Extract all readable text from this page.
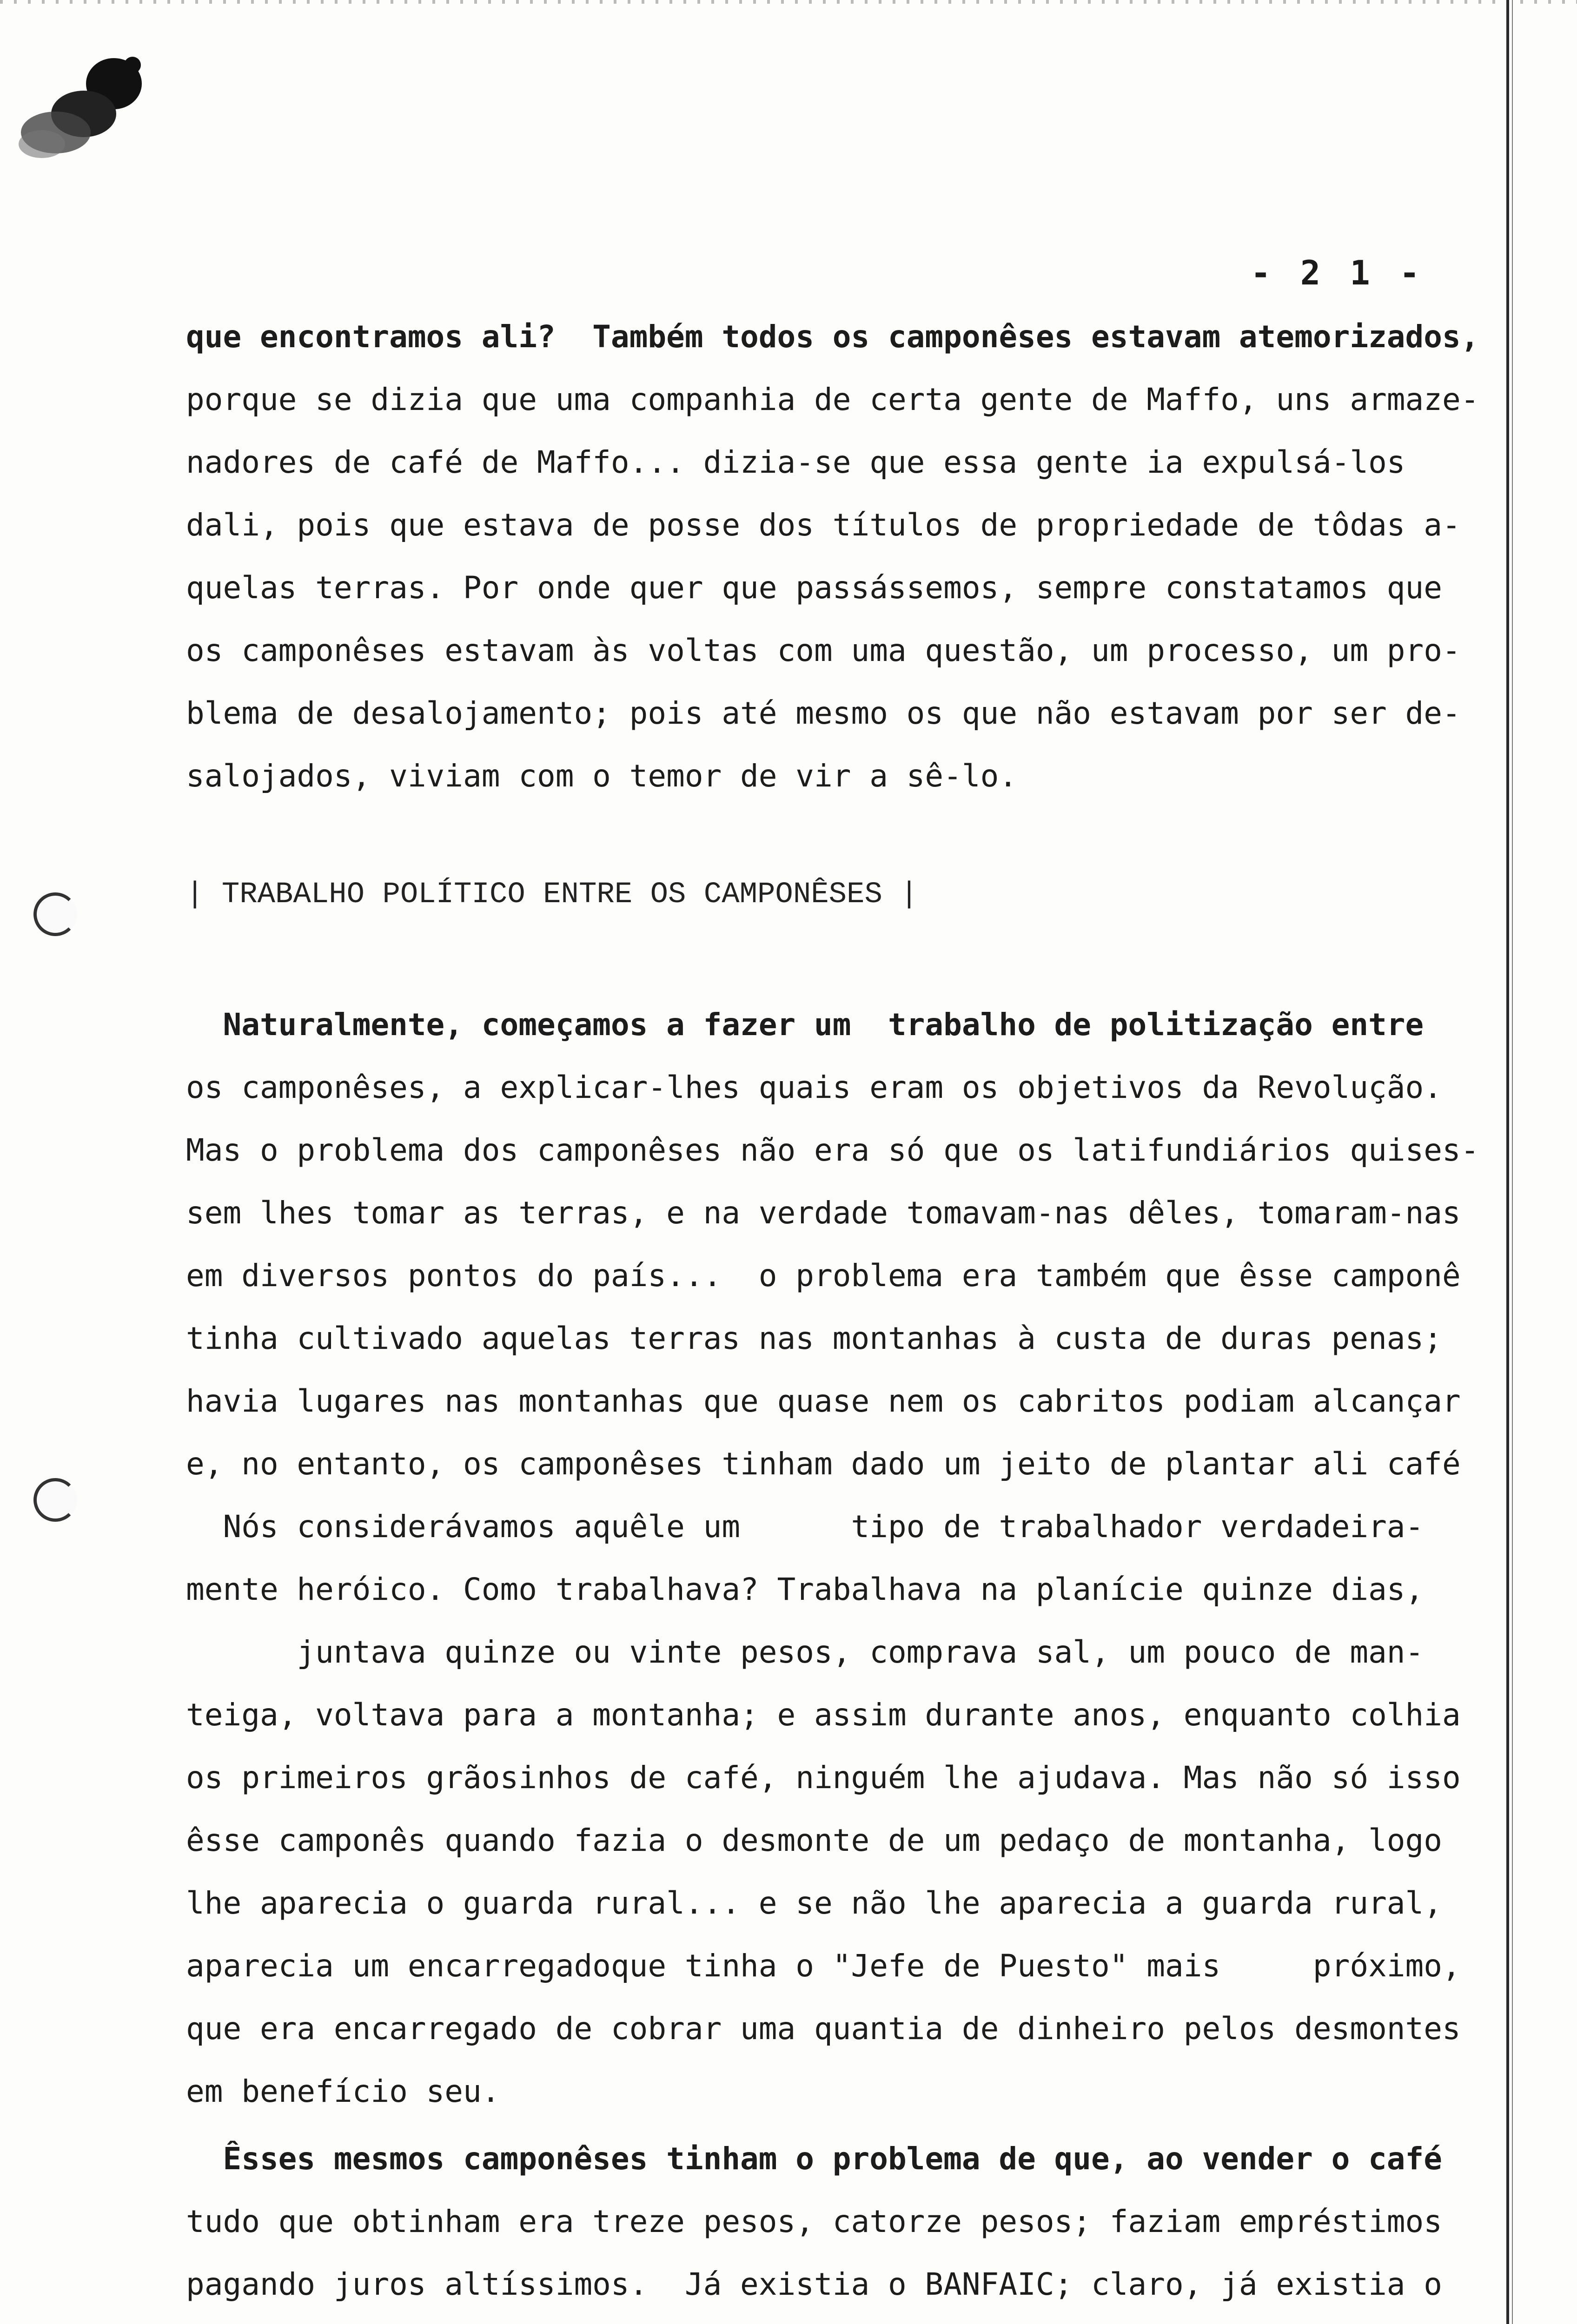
- 2 1 -
que encontramos ali?  Também todos os camponêses estavam atemorizados,
porque se dizia que uma companhia de certa gente de Maffo, uns armaze-
nadores de café de Maffo... dizia-se que essa gente ia expulsá-los
dali, pois que estava de posse dos títulos de propriedade de tôdas a-
quelas terras. Por onde quer que passássemos, sempre constatamos que
os camponêses estavam às voltas com uma questão, um processo, um pro-
blema de desalojamento; pois até mesmo os que não estavam por ser de-
salojados, viviam com o temor de vir a sê-lo.
| TRABALHO POLÍTICO ENTRE OS CAMPONÊSES |
Naturalmente, começamos a fazer um  trabalho de politização entre
os camponêses, a explicar-lhes quais eram os objetivos da Revolução.
Mas o problema dos camponêses não era só que os latifundiários quises-
sem lhes tomar as terras, e na verdade tomavam-nas dêles, tomaram-nas
em diversos pontos do país...  o problema era também que êsse camponê
tinha cultivado aquelas terras nas montanhas à custa de duras penas;
havia lugares nas montanhas que quase nem os cabritos podiam alcançar
e, no entanto, os camponêses tinham dado um jeito de plantar ali café
Nós considerávamos aquêle um      tipo de trabalhador verdadeira-
mente heróico. Como trabalhava? Trabalhava na planície quinze dias,
juntava quinze ou vinte pesos, comprava sal, um pouco de man-
teiga, voltava para a montanha; e assim durante anos, enquanto colhia
os primeiros grãosinhos de café, ninguém lhe ajudava. Mas não só isso
êsse camponês quando fazia o desmonte de um pedaço de montanha, logo
lhe aparecia o guarda rural... e se não lhe aparecia a guarda rural,
aparecia um encarregadoque tinha o "Jefe de Puesto" mais     próximo,
que era encarregado de cobrar uma quantia de dinheiro pelos desmontes
em benefício seu.
Êsses mesmos camponêses tinham o problema de que, ao vender o café
tudo que obtinham era treze pesos, catorze pesos; faziam empréstimos
pagando juros altíssimos.  Já existia o BANFAIC; claro, já existia o
